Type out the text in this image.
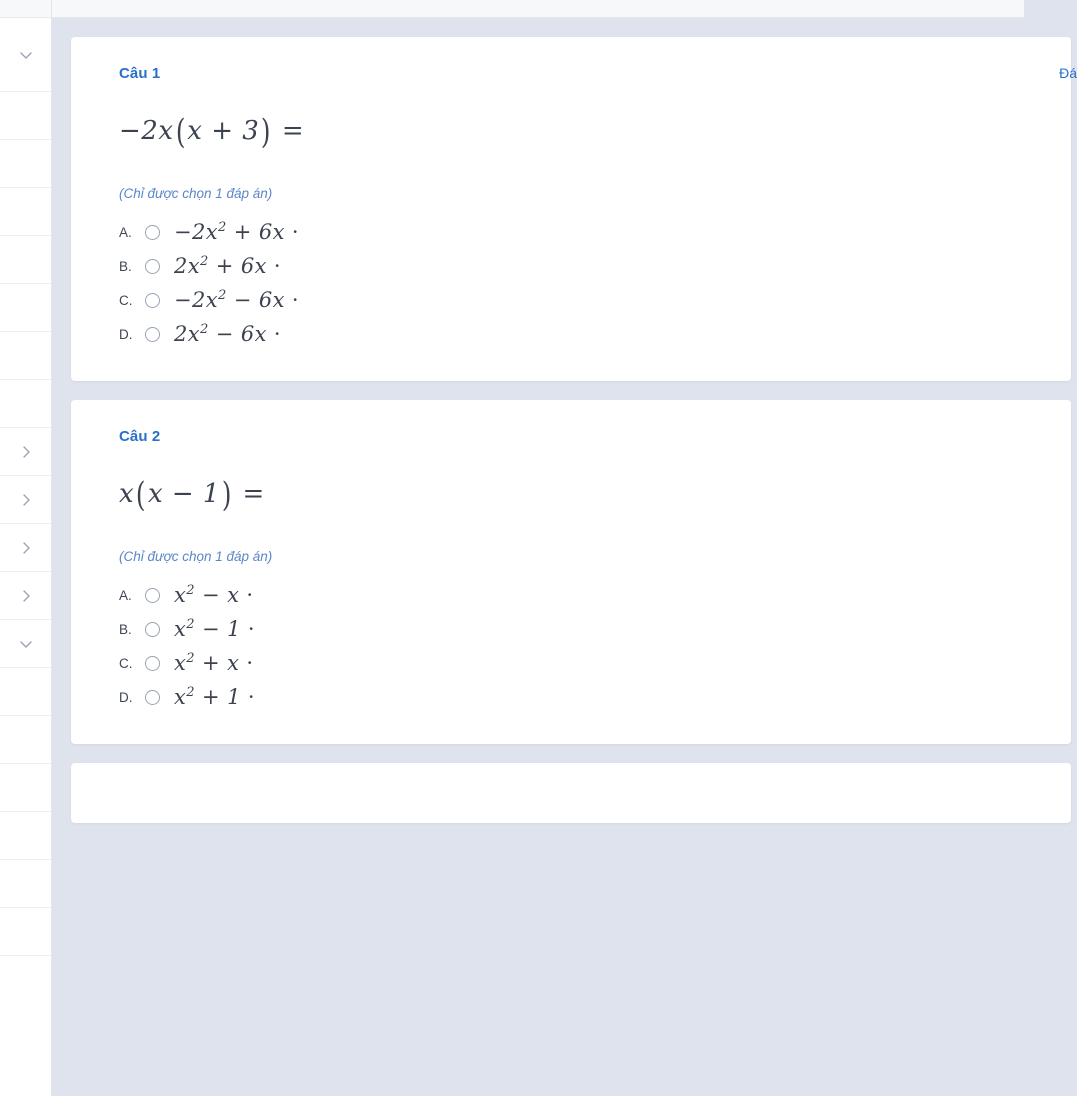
Câu 1	Đá
−2x(x + 3) =
(Chỉ được chọn 1 đáp án)
A.	$-2x^2 + 6x$ ·
B.	$2x^2 + 6x$ ·
C.	$-2x^2 - 6x$ ·
D.	$2x^2 - 6x$ ·
Câu 2
x(x − 1) =
(Chỉ được chọn 1 đáp án)
A.	$x^2 - x$ ·
B.	$x^2 - 1$ ·
C.	$x^2 + x$ ·
D.	$x^2 + 1$ ·
